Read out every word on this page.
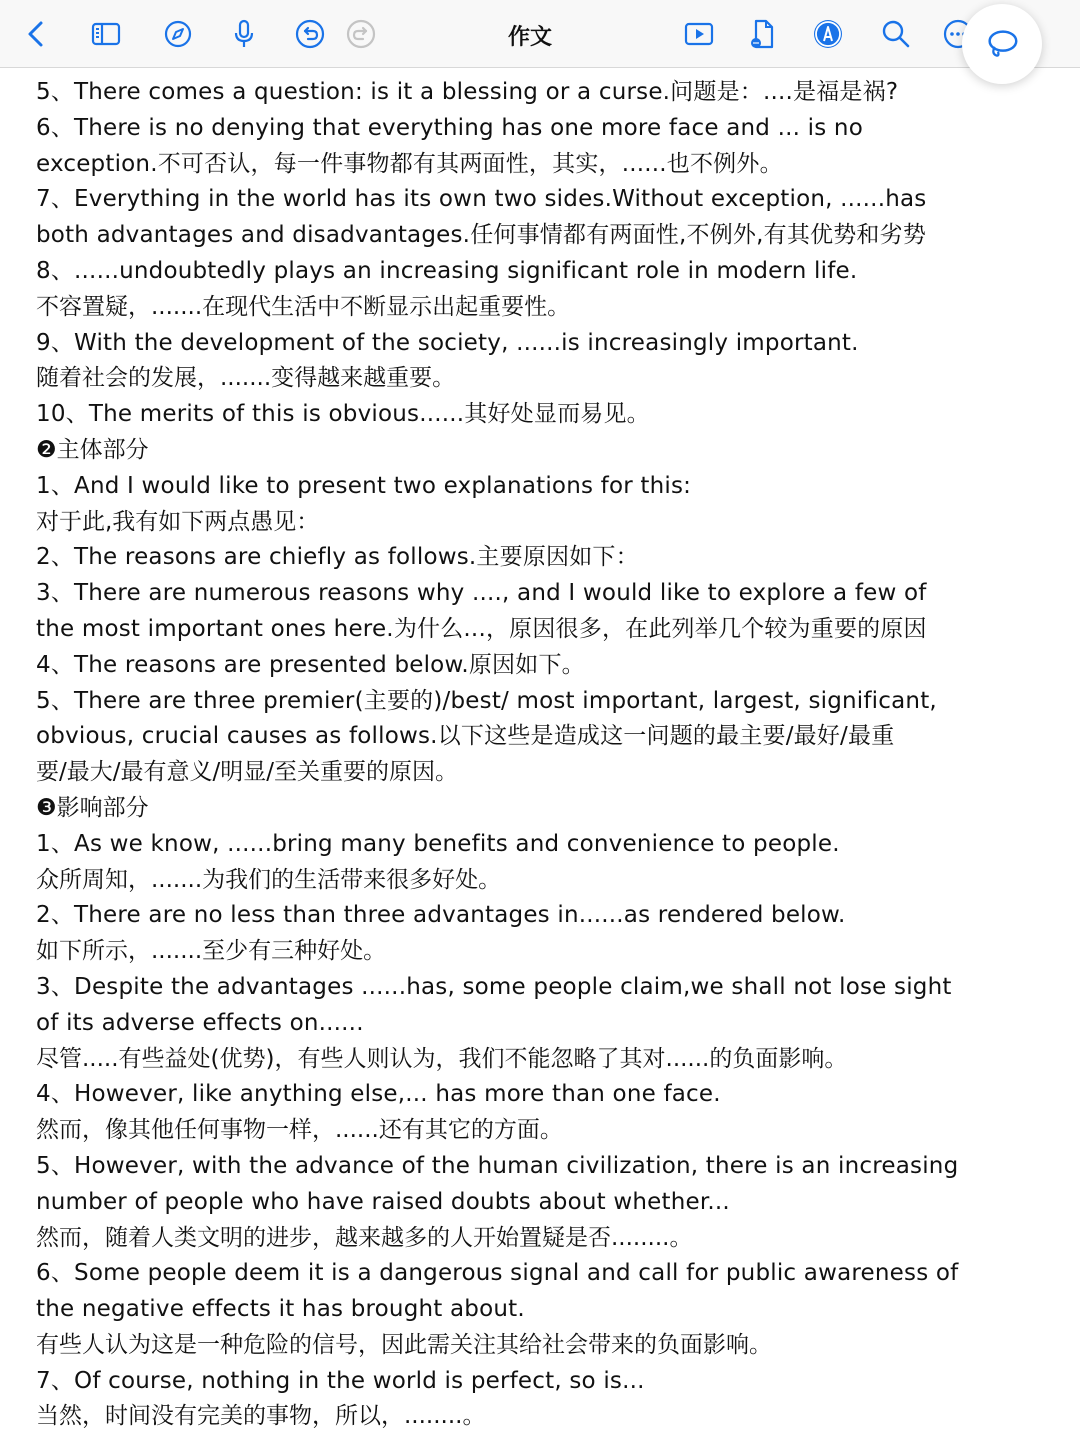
作文
5、There comes a question: is it a blessing or a curse.问题是：....是福是祸?
6、There is no denying that everything has one more face and ... is no
exception.不可否认，每一件事物都有其两面性，其实，......也不例外。
7、Everything in the world has its own two sides.Without exception, ......has
both advantages and disadvantages.任何事情都有两面性,不例外,有其优势和劣势
8、......undoubtedly plays an increasing significant role in modern life.
不容置疑，.......在现代生活中不断显示出起重要性。
9、With the development of the society, ......is increasingly important.
随着社会的发展，.......变得越来越重要。
10、The merits of this is obvious......其好处显而易见。
❷主体部分
1、And I would like to present two explanations for this:
对于此,我有如下两点愚见：
2、The reasons are chiefly as follows.主要原因如下：
3、There are numerous reasons why ...., and I would like to explore a few of
the most important ones here.为什么...，原因很多，在此列举几个较为重要的原因
4、The reasons are presented below.原因如下。
5、There are three premier(主要的)/best/ most important, largest, significant,
obvious, crucial causes as follows.以下这些是造成这一问题的最主要/最好/最重
要/最大/最有意义/明显/至关重要的原因。
❸影响部分
1、As we know, ......bring many benefits and convenience to people.
众所周知，.......为我们的生活带来很多好处。
2、There are no less than three advantages in......as rendered below.
如下所示，.......至少有三种好处。
3、Despite the advantages ......has, some people claim,we shall not lose sight
of its adverse effects on......
尽管.....有些益处(优势)，有些人则认为，我们不能忽略了其对......的负面影响。
4、However, like anything else,... has more than one face.
然而，像其他任何事物一样，......还有其它的方面。
5、However, with the advance of the human civilization, there is an increasing
number of people who have raised doubts about whether...
然而，随着人类文明的进步，越来越多的人开始置疑是否........。
6、Some people deem it is a dangerous signal and call for public awareness of
the negative effects it has brought about.
有些人认为这是一种危险的信号，因此需关注其给社会带来的负面影响。
7、Of course, nothing in the world is perfect, so is...
当然，时间没有完美的事物，所以，........。
